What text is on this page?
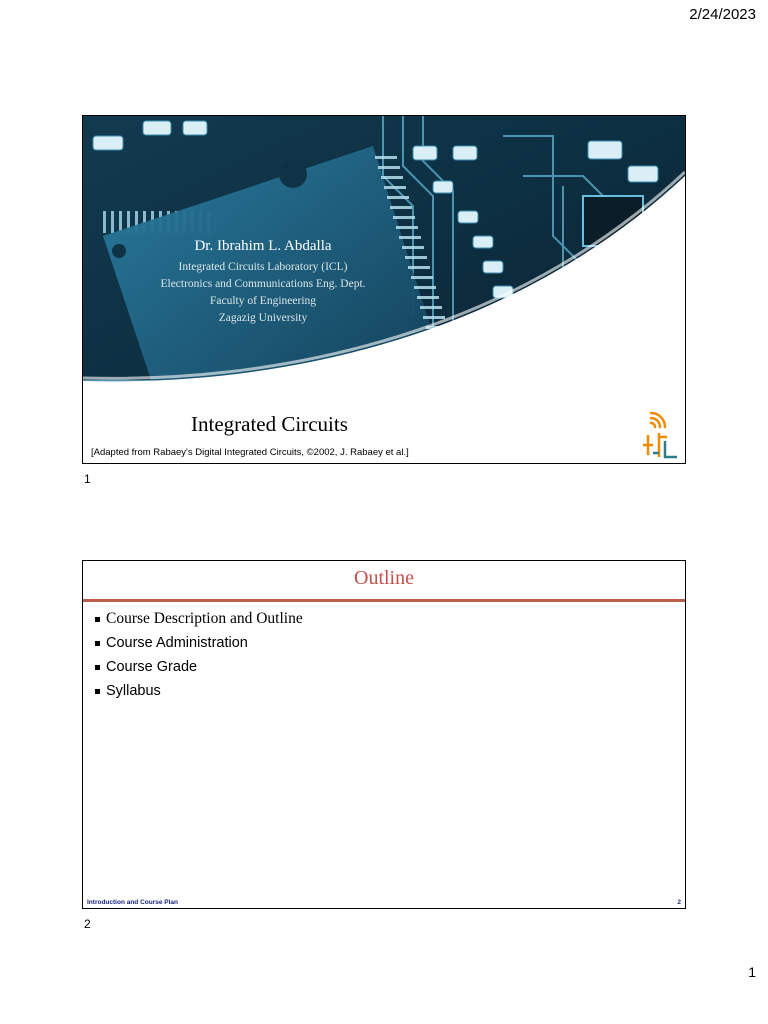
2/24/2023
Dr. Ibrahim L. Abdalla
Integrated Circuits Laboratory (ICL)
Electronics and Communications Eng. Dept.
Faculty of Engineering
Zagazig University
Integrated Circuits
[Adapted from Rabaey's Digital Integrated Circuits, ©2002, J. Rabaey et al.]
1
Outline
Course Description and Outline
Course Administration
Course Grade
Syllabus
Introduction and Course Plan	2
2
1
